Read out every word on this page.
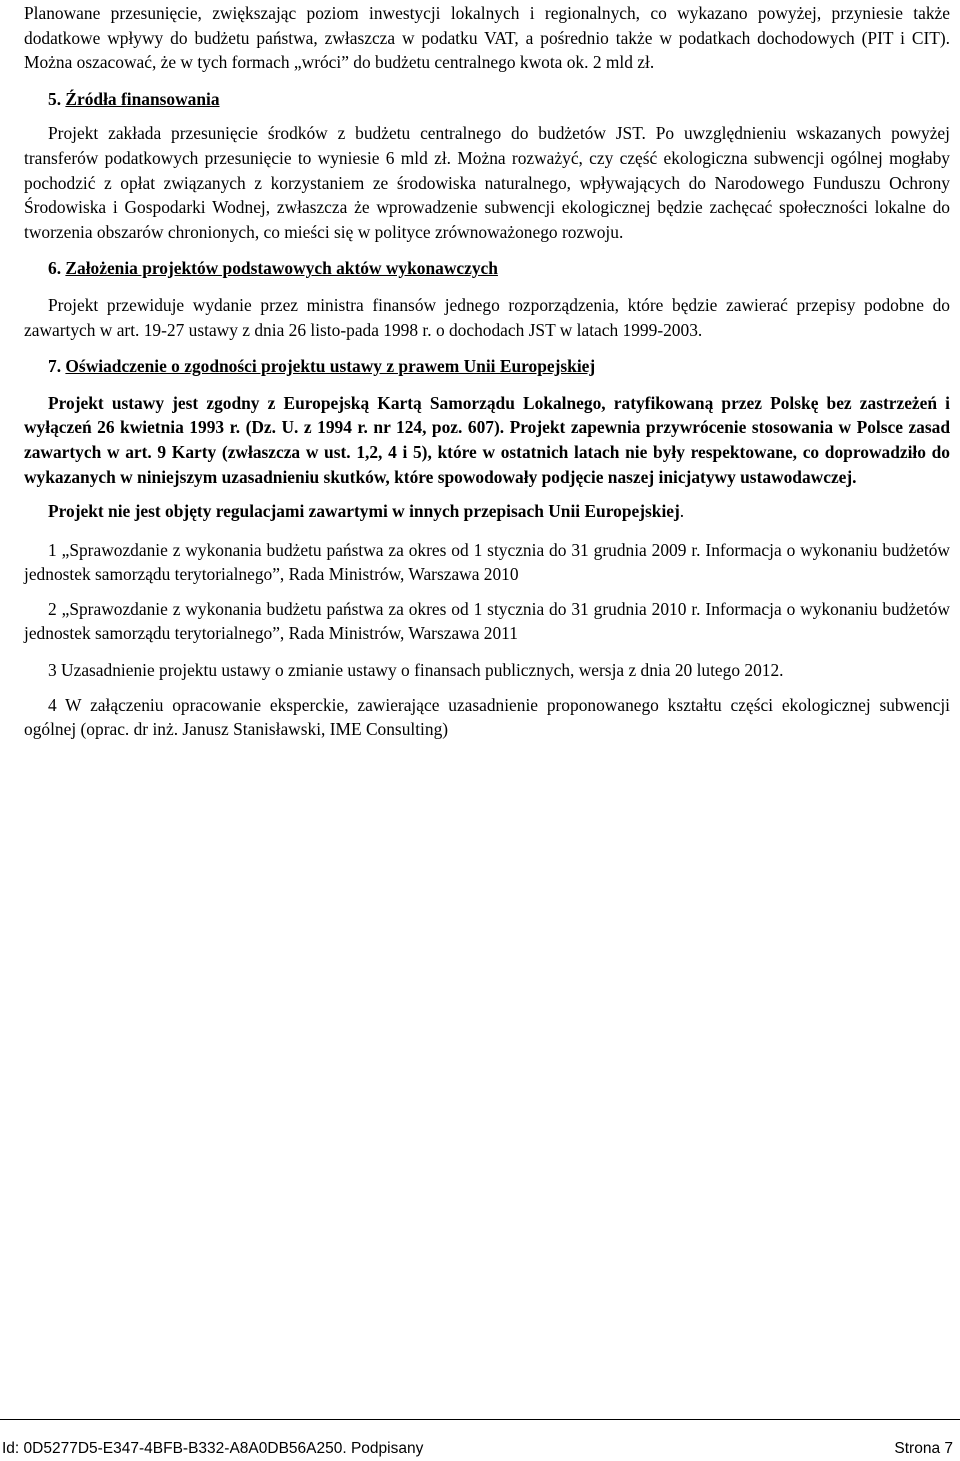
Planowane przesunięcie, zwiększając poziom inwestycji lokalnych i regionalnych, co wykazano powyżej, przyniesie także dodatkowe wpływy do budżetu państwa, zwłaszcza w podatku VAT, a pośrednio także w podatkach dochodowych (PIT i CIT). Można oszacować, że w tych formach „wróci” do budżetu centralnego kwota ok. 2 mld zł.

5. Źródła finansowania

Projekt zakłada przesunięcie środków z budżetu centralnego do budżetów JST. Po uwzględnieniu wskazanych powyżej transferów podatkowych przesunięcie to wyniesie 6 mld zł. Można rozważyć, czy część ekologiczna subwencji ogólnej mogłaby pochodzić z opłat związanych z korzystaniem ze środowiska naturalnego, wpływających do Narodowego Funduszu Ochrony Środowiska i Gospodarki Wodnej, zwłaszcza że wprowadzenie subwencji ekologicznej będzie zachęcać społeczności lokalne do tworzenia obszarów chronionych, co mieści się w polityce zrównoważonego rozwoju.

6. Założenia projektów podstawowych aktów wykonawczych

Projekt przewiduje wydanie przez ministra finansów jednego rozporządzenia, które będzie zawierać przepisy podobne do zawartych w art. 19-27 ustawy z dnia 26 listo-pada 1998 r. o dochodach JST w latach 1999-2003.

7. Oświadczenie o zgodności projektu ustawy z prawem Unii Europejskiej

Projekt ustawy jest zgodny z Europejską Kartą Samorządu Lokalnego, ratyfikowaną przez Polskę bez zastrzeżeń i wyłączeń 26 kwietnia 1993 r. (Dz. U. z 1994 r. nr 124, poz. 607). Projekt zapewnia przywrócenie stosowania w Polsce zasad zawartych w art. 9 Karty (zwłaszcza w ust. 1,2, 4 i 5), które w ostatnich latach nie były respektowane, co doprowadziło do wykazanych w niniejszym uzasadnieniu skutków, które spowodowały podjęcie naszej inicjatywy ustawodawczej.

Projekt nie jest objęty regulacjami zawartymi w innych przepisach Unii Europejskiej.

1 „Sprawozdanie z wykonania budżetu państwa za okres od 1 stycznia do 31 grudnia 2009 r. Informacja o wykonaniu budżetów jednostek samorządu terytorialnego”, Rada Ministrów, Warszawa 2010

2 „Sprawozdanie z wykonania budżetu państwa za okres od 1 stycznia do 31 grudnia 2010 r. Informacja o wykonaniu budżetów jednostek samorządu terytorialnego”, Rada Ministrów, Warszawa 2011

3 Uzasadnienie projektu ustawy o zmianie ustawy o finansach publicznych, wersja z dnia 20 lutego 2012.

4 W załączeniu opracowanie eksperckie, zawierające uzasadnienie proponowanego kształtu części ekologicznej subwencji ogólnej (oprac. dr inż. Janusz Stanisławski, IME Consulting)

Id: 0D5277D5-E347-4BFB-B332-A8A0DB56A250. Podpisany	Strona 7
